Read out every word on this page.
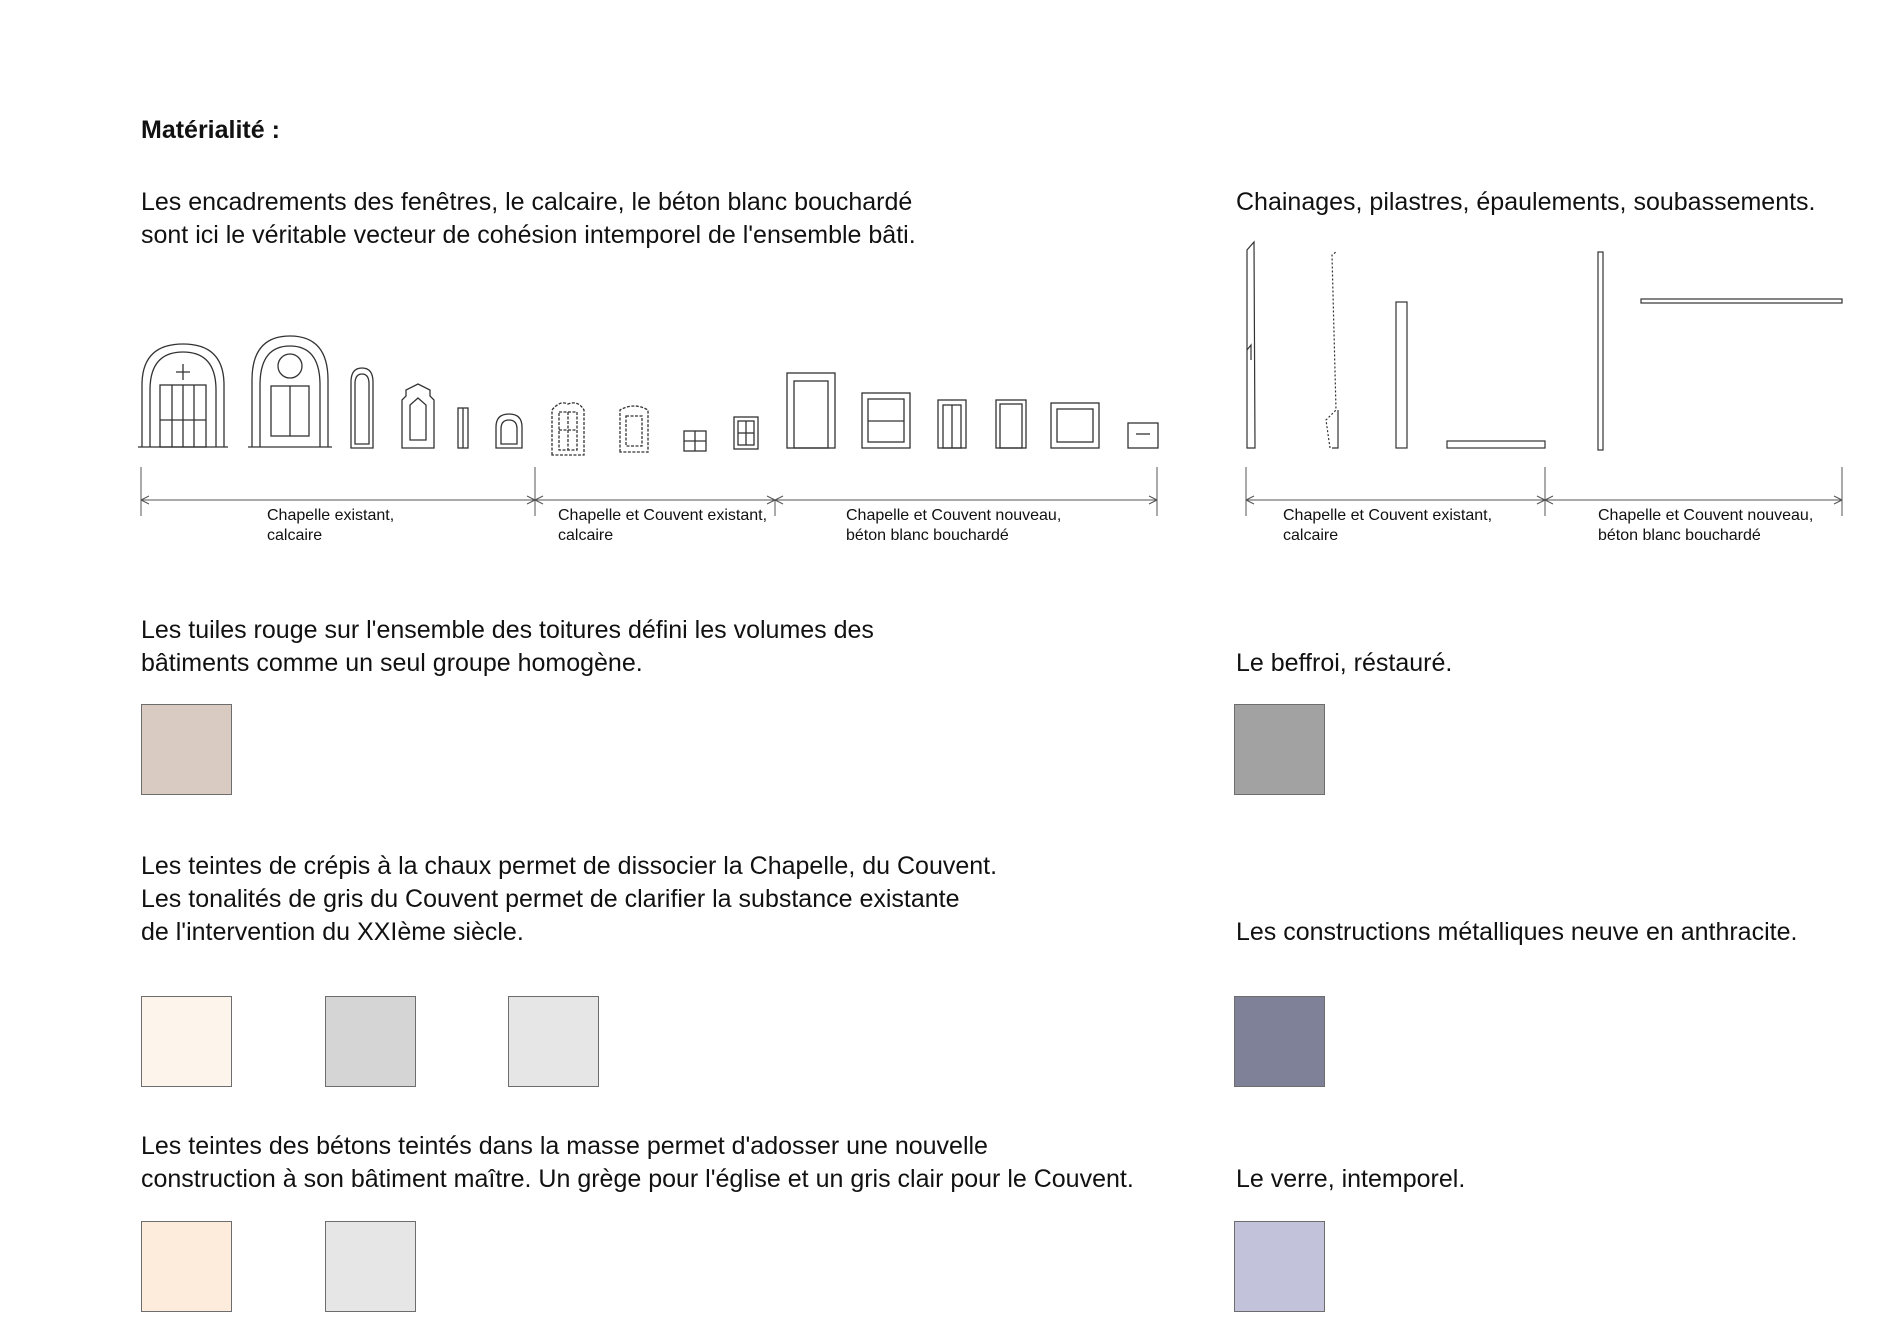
Matérialité :
Les encadrements des fenêtres, le calcaire, le béton blanc bouchardé
sont ici le véritable vecteur de cohésion intemporel de l'ensemble bâti.
Chapelle existant,
calcaire
Chapelle et Couvent existant,
calcaire
Chapelle et Couvent nouveau,
béton blanc bouchardé
Chainages, pilastres, épaulements, soubassements.
Chapelle et Couvent existant,
calcaire
Chapelle et Couvent nouveau,
béton blanc bouchardé
Les tuiles rouge sur l'ensemble des toitures défini les volumes des
bâtiments comme un seul groupe homogène.	Le beffroi, réstauré.
Les teintes de crépis à la chaux permet de dissocier la Chapelle, du Couvent.
Les tonalités de gris du Couvent permet de clarifier la substance existante
de l'intervention du XXIème siècle.	Les constructions métalliques neuve en anthracite.
Les teintes des bétons teintés dans la masse permet d'adosser une nouvelle
construction à son bâtiment maître. Un grège pour l'église et un gris clair pour le Couvent.	Le verre, intemporel.
